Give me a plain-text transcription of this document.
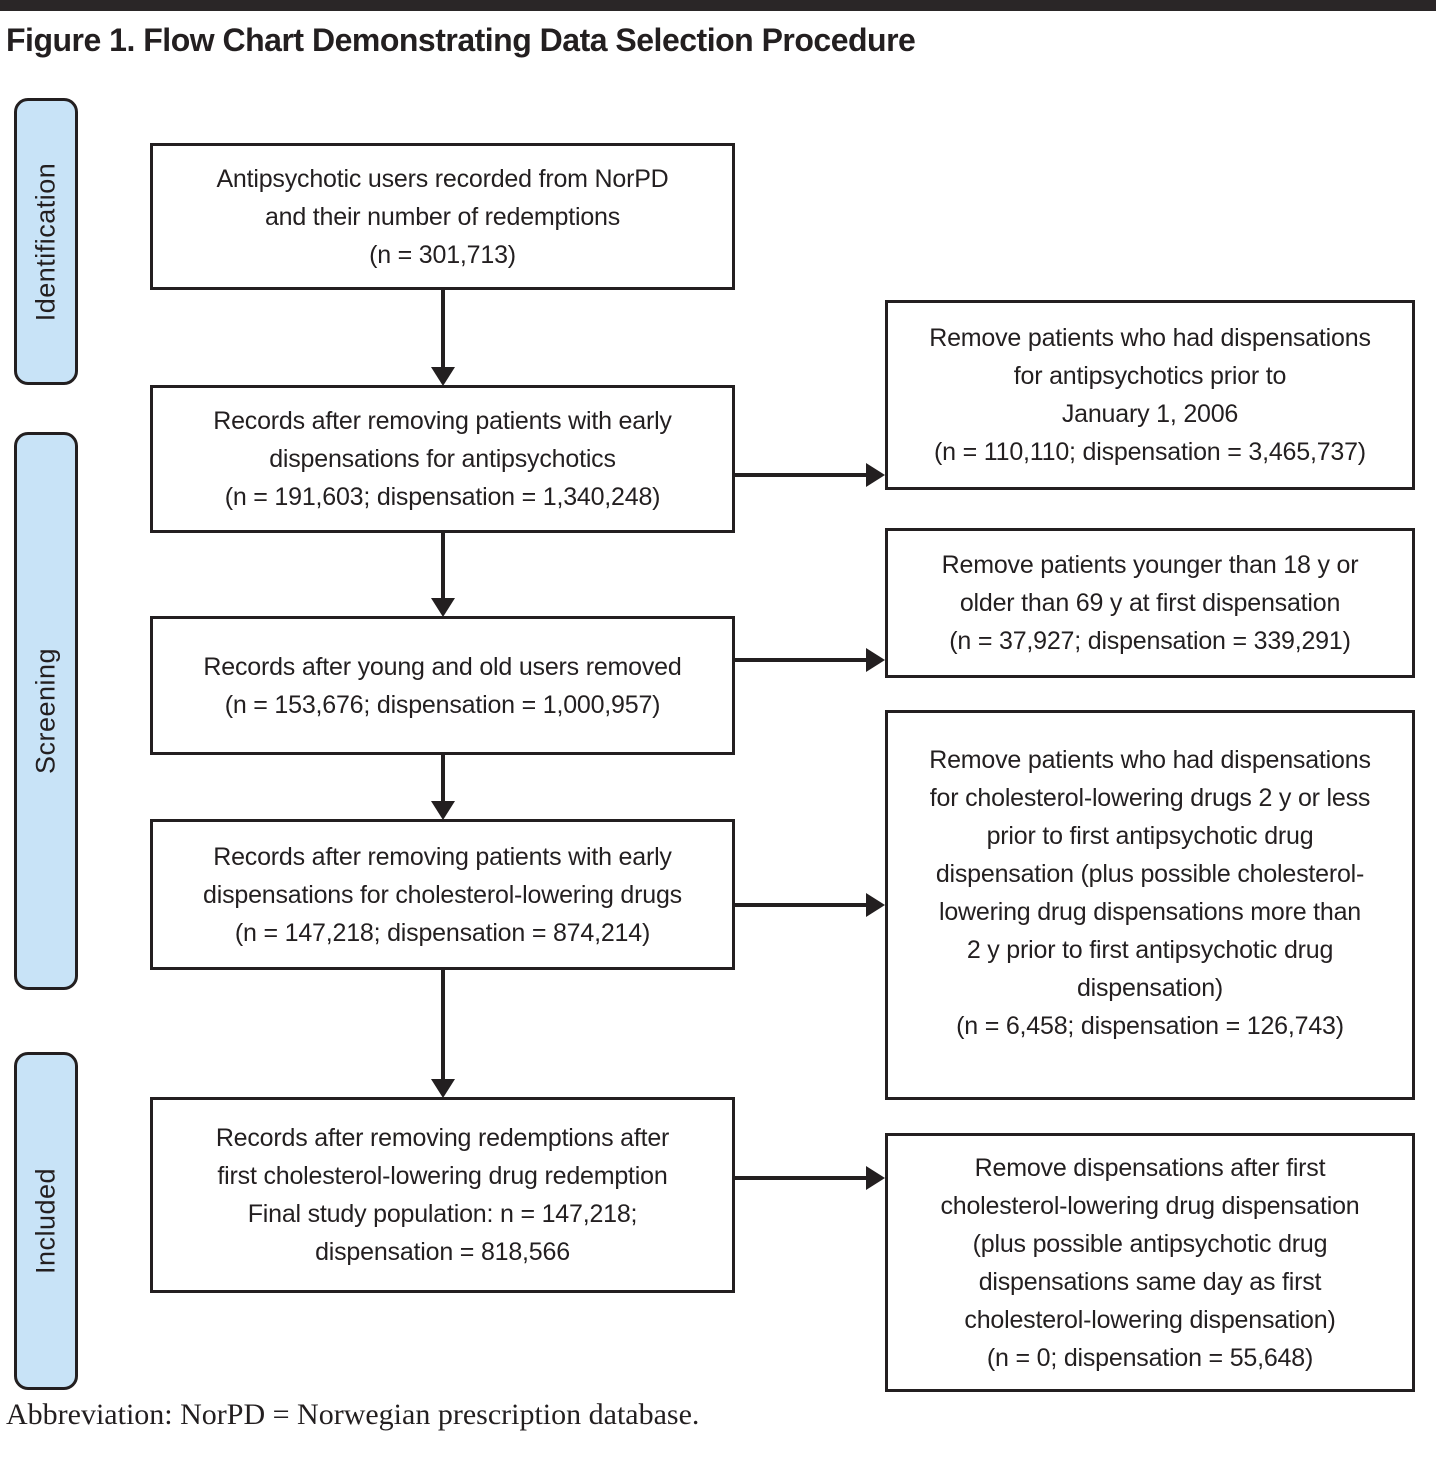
Figure 1. Flow Chart Demonstrating Data Selection Procedure
Identification
Screening
Included
Antipsychotic users recorded from NorPD
and their number of redemptions
(n = 301,713)
Records after removing patients with early
dispensations for antipsychotics
(n = 191,603; dispensation = 1,340,248)
Records after young and old users removed
(n = 153,676; dispensation = 1,000,957)
Records after removing patients with early
dispensations for cholesterol-lowering drugs
(n = 147,218; dispensation = 874,214)
Records after removing redemptions after
first cholesterol-lowering drug redemption
Final study population: n = 147,218;
dispensation = 818,566
Remove patients who had dispensations
for antipsychotics prior to
January 1, 2006
(n = 110,110; dispensation = 3,465,737)
Remove patients younger than 18 y or
older than 69 y at first dispensation
(n = 37,927; dispensation = 339,291)
Remove patients who had dispensations
for cholesterol-lowering drugs 2 y or less
prior to first antipsychotic drug
dispensation (plus possible cholesterol-
lowering drug dispensations more than
2 y prior to first antipsychotic drug
dispensation)
(n = 6,458; dispensation = 126,743)
Remove dispensations after first
cholesterol-lowering drug dispensation
(plus possible antipsychotic drug
dispensations same day as first
cholesterol-lowering dispensation)
(n = 0; dispensation = 55,648)
Abbreviation: NorPD = Norwegian prescription database.
